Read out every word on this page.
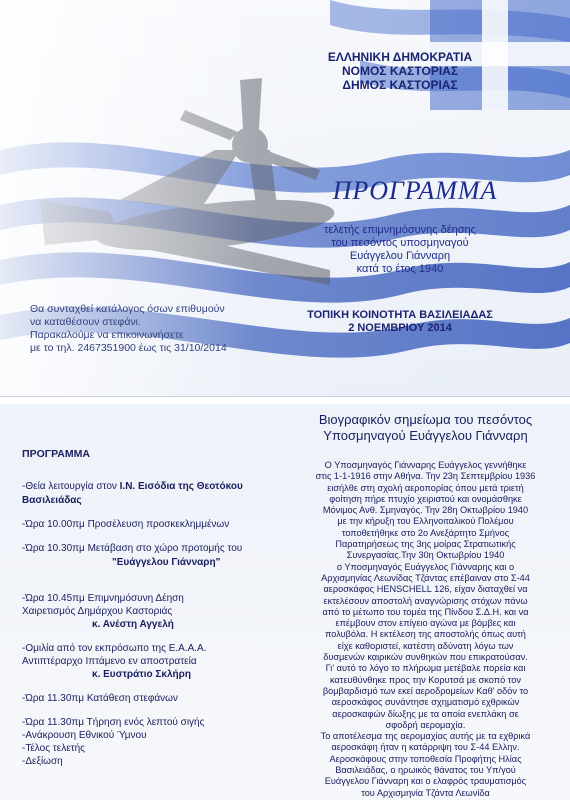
ΕΛΛΗΝΙΚΗ ΔΗΜΟΚΡΑΤΙΑ
ΝΟΜΟΣ ΚΑΣΤΟΡΙΑΣ
ΔΗΜΟΣ ΚΑΣΤΟΡΙΑΣ
ΠΡΟΓΡΑΜΜΑ
τελετής επιμνημόσυνης δέησης
του πεσόντος υποσμηναγού
Ευάγγελου Γιάνναρη
κατά το έτος 1940
ΤΟΠΙΚΗ ΚΟΙΝΟΤΗΤΑ ΒΑΣΙΛΕΙΑΔΑΣ
2 ΝΟΕΜΒΡΙΟΥ 2014
Θα συνταχθεί κατάλογος όσων επιθυμούν
να καταθέσουν στεφάνι.
Παρακαλούμε να επικοινωνήσετε
με το τηλ. 2467351900 έως τις 31/10/2014
ΠΡΟΓΡΑΜΜΑ
-Θεία λειτουργία στον Ι.Ν. Εισόδια της Θεοτόκου
Βασιλειάδας
-Ώρα 10.00πμ Προσέλευση προσκεκλημμένων
-Ώρα 10.30πμ Μετάβαση στο χώρο προτομής του
"Ευάγγελου Γιάνναρη"
-Ώρα 10.45πμ Επιμνημόσυνη Δέηση
Χαιρετισμός Δημάρχου Καστοριάς
κ. Ανέστη Αγγελή
-Ομιλία από τον εκπρόσωπο της Ε.Α.Α.Α.
Αντιπτέραρχο Ιπτάμενο εν αποστρατεία
κ. Ευστράτιο Σκλήρη
-Ώρα 11.30πμ Κατάθεση στεφάνων
-Ώρα 11.30πμ Τήρηση ενός λεπτού σιγής
-Ανάκρουση Εθνικού Ύμνου
-Τέλος τελετής
-Δεξίωση
Βιογραφικόν σημείωμα του πεσόντος
Υποσμηναγού Ευάγγελου Γιάνναρη
Ο Υποσμηναγός Γιάνναρης Ευάγγελος γεννήθηκε
στις 1-1-1916 στην Αθήνα. Την 23η Σεπτεμβρίου 1936
εισήλθε στη σχολή αεροπορίας όπου μετά τριετή
φοίτηση πήρε πτυχίο χειριστού και ονομάσθηκε
Μόνιμος Ανθ. Σμηναγός. Την 28η Οκτωβρίου 1940
με την κήρυξη του Ελληνοιταλικού Πολέμου
τοποθετήθηκε στο 2ο Ανεξάρτητο Σμήνος
Παρατηρήσεως της 3ης μοίρας Στρατιωτικής
Συνεργασίας.Την 30η Οκτωβρίου 1940
ο Υποσμηναγός Ευάγγελος Γιάνναρης και ο
Αρχισμηνίας Λεωνίδας Τζάντας επέβαιναν στο Σ-44
αεροσκάφος HENSCHELL 126, είχαν διαταχθεί να
εκτελέσουν αποστολή αναγνώρισης στόχων πάνω
από το μέτωπο του τομέα της Πίνδου Σ.Δ.Η. και να
επέμβουν στον επίγειο αγώνα με βόμβες και
πολυβόλα. Η εκτέλεση της αποστολής όπως αυτή
είχε καθοριστεί, κατέστη αδύνατη λόγω των
δυσμενών καιρικών συνθηκών που επικρατούσαν.
Γι' αυτό το λόγο το πλήρωμα μετέβαλε πορεία και
κατευθύνθηκε προς την Κορυτσά με σκοπό τον
βομβαρδισμό των εκεί αεροδρομείων Καθ' οδόν το
αεροσκάφος συνάντησε σχηματισμό εχθρικών
αεροσκαφών δίωξης με τα οποία ενεπλάκη σε
σφοδρή αερομαχία.
Το αποτέλεσμα της αερομαχίας αυτής με τα εχθρικά
αεροσκάφη ήταν η κατάρριψη του Σ-44 Ελλην.
Αεροσκάφους στην τοποθεσία Προφήτης Ηλίας
Βασιλειάδας, ο ηρωικός θάνατος του Υπ/γού
Ευάγγελου Γιάνναρη και ο ελαφρός τραυματισμός
του Αρχισμηνία Τζάντα Λεωνίδα
